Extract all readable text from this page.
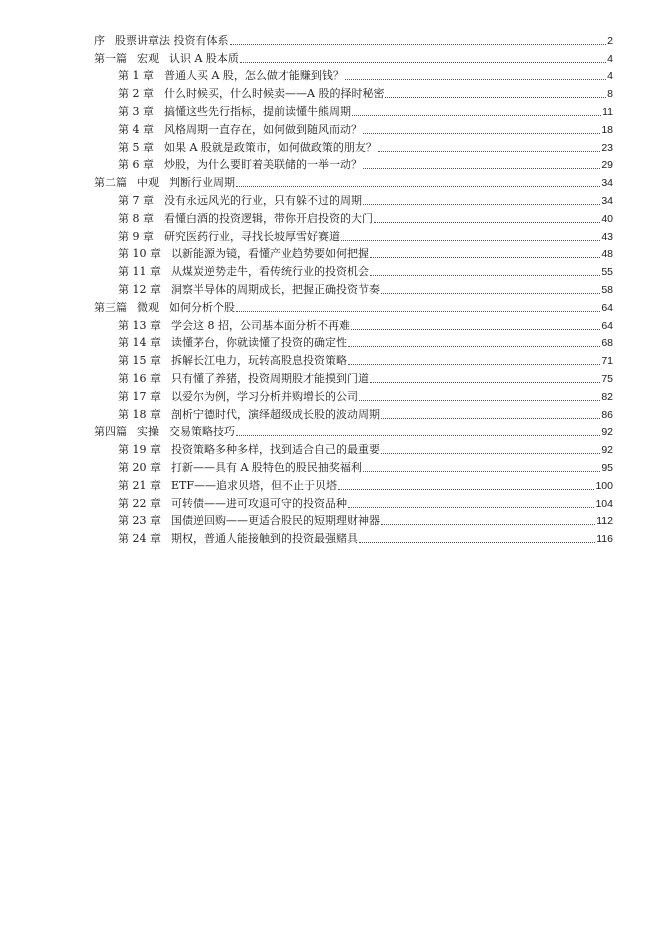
序 股票讲章法 投资有体系	2
第一篇 宏观 认识 A 股本质	4
第 1 章 普通人买 A 股，怎么做才能赚到钱？	4
第 2 章 什么时候买，什么时候卖——A 股的择时秘密	8
第 3 章 搞懂这些先行指标，提前读懂牛熊周期	11
第 4 章 风格周期一直存在，如何做到随风而动？	18
第 5 章 如果 A 股就是政策市，如何做政策的朋友？	23
第 6 章 炒股，为什么要盯着美联储的一举一动？	29
第二篇 中观 判断行业周期	34
第 7 章 没有永远风光的行业，只有躲不过的周期	34
第 8 章 看懂白酒的投资逻辑，带你开启投资的大门	40
第 9 章 研究医药行业，寻找长坡厚雪好赛道	43
第 10 章 以新能源为镜，看懂产业趋势要如何把握	48
第 11 章 从煤炭逆势走牛，看传统行业的投资机会	55
第 12 章 洞察半导体的周期成长，把握正确投资节奏	58
第三篇 微观 如何分析个股	64
第 13 章 学会这 8 招，公司基本面分析不再难	64
第 14 章 读懂茅台，你就读懂了投资的确定性	68
第 15 章 拆解长江电力，玩转高股息投资策略	71
第 16 章 只有懂了养猪，投资周期股才能摸到门道	75
第 17 章 以爱尔为例，学习分析并购增长的公司	82
第 18 章 剖析宁德时代，演绎超级成长股的波动周期	86
第四篇 实操 交易策略技巧	92
第 19 章 投资策略多种多样，找到适合自己的最重要	92
第 20 章 打新——具有 A 股特色的股民抽奖福利	95
第 21 章 ETF——追求贝塔，但不止于贝塔	100
第 22 章 可转债——进可攻退可守的投资品种	104
第 23 章 国债逆回购——更适合股民的短期理财神器	112
第 24 章 期权，普通人能接触到的投资最强赌具	116
